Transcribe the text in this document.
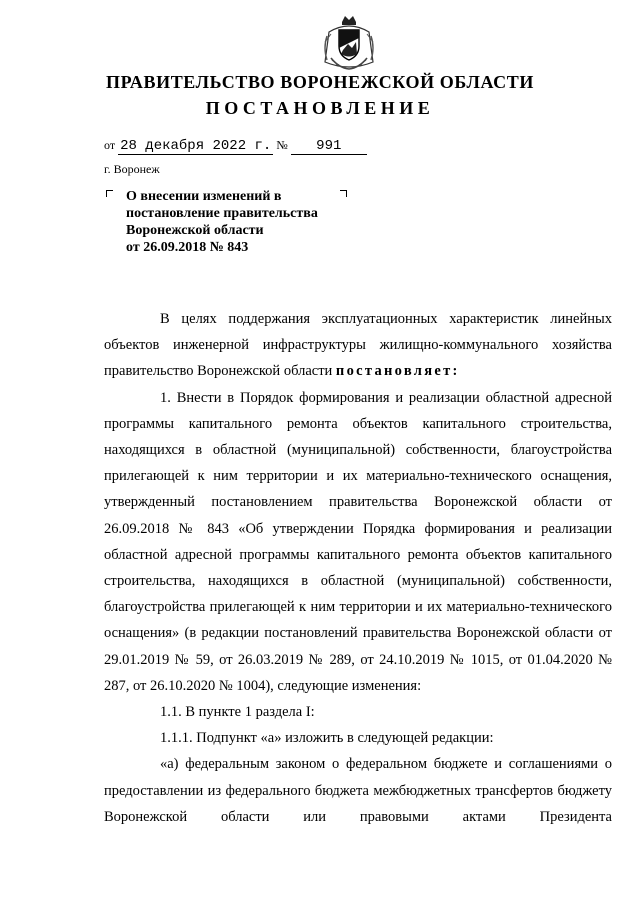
ПРАВИТЕЛЬСТВО ВОРОНЕЖСКОЙ ОБЛАСТИ
ПОСТАНОВЛЕНИЕ
от 28 декабря 2022 г. № 991
г. Воронеж
О внесении изменений в
постановление правительства
Воронежской области
от 26.09.2018 № 843

В целях поддержания эксплуатационных характеристик линейных объектов инженерной инфраструктуры жилищно-коммунального хозяйства правительство Воронежской области постановляет:

1. Внести в Порядок формирования и реализации областной адресной программы капитального ремонта объектов капитального строительства, находящихся в областной (муниципальной) собственности, благоустройства прилегающей к ним территории и их материально-технического оснащения, утвержденный постановлением правительства Воронежской области от 26.09.2018 № 843 «Об утверждении Порядка формирования и реализации областной адресной программы капитального ремонта объектов капитального строительства, находящихся в областной (муниципальной) собственности, благоустройства прилегающей к ним территории и их материально-технического оснащения» (в редакции постановлений правительства Воронежской области от 29.01.2019 № 59, от 26.03.2019 № 289, от 24.10.2019 № 1015, от 01.04.2020 № 287, от 26.10.2020 № 1004), следующие изменения:

1.1. В пункте 1 раздела I:

1.1.1. Подпункт «а» изложить в следующей редакции:

«а) федеральным законом о федеральном бюджете и соглашениями о предоставлении из федерального бюджета межбюджетных трансфертов бюджету Воронежской области или правовыми актами Президента
